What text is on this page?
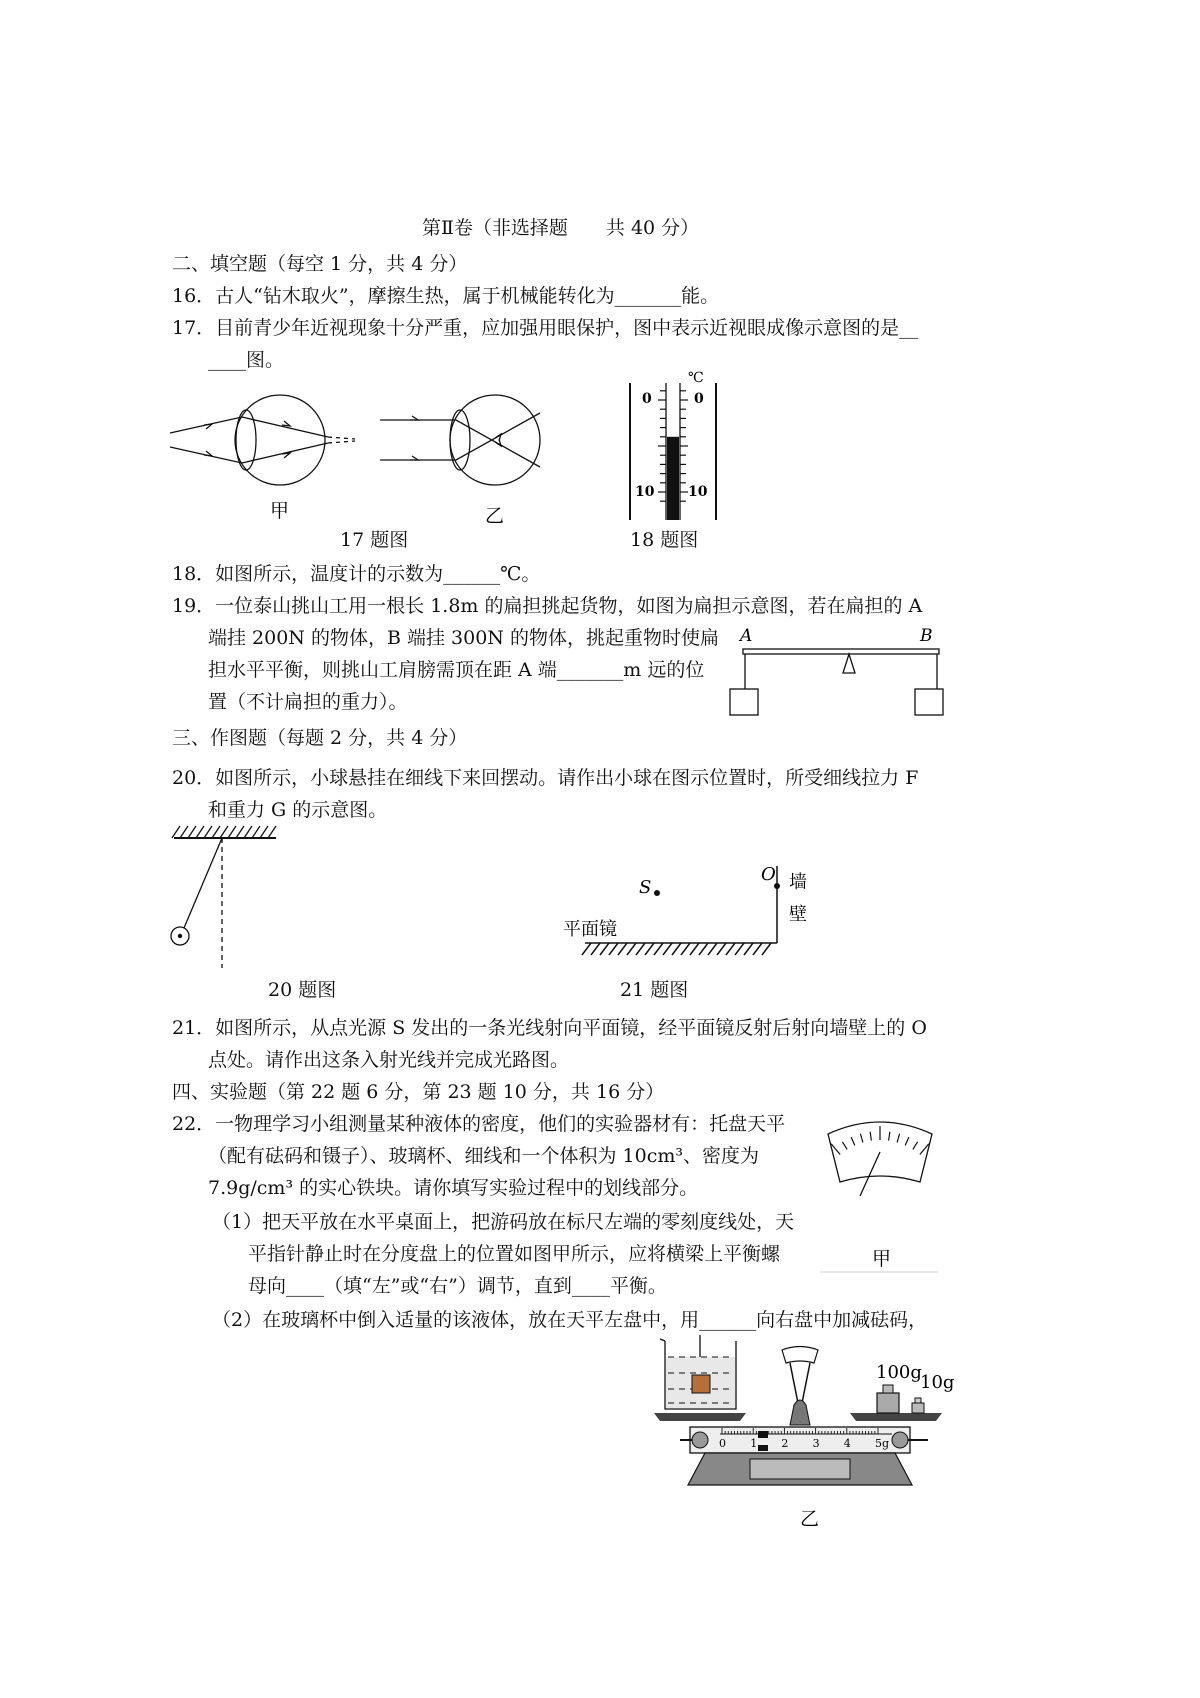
第Ⅱ卷（非选择题　　共 40 分）
二、填空题（每空 1 分，共 4 分）
16．古人“钻木取火”，摩擦生热，属于机械能转化为_______能。
17．目前青少年近视现象十分严重，应加强用眼保护，图中表示近视眼成像示意图的是__
____图。
甲	乙
17 题图
℃
0	0
10 10
18 题图
18．如图所示，温度计的示数为______℃。
19．一位泰山挑山工用一根长 1.8m 的扁担挑起货物，如图为扁担示意图，若在扁担的 A
端挂 200N 的物体，B 端挂 300N 的物体，挑起重物时使扁
担水平平衡，则挑山工肩膀需顶在距 A 端_______m 远的位
置（不计扁担的重力）。
A	B
三、作图题（每题 2 分，共 4 分）
20．如图所示，小球悬挂在细线下来回摆动。请作出小球在图示位置时，所受细线拉力 F
和重力 G 的示意图。
20 题图
S
O 墙
壁
平面镜
21 题图
21．如图所示，从点光源 S 发出的一条光线射向平面镜，经平面镜反射后射向墙壁上的 O
点处。请作出这条入射光线并完成光路图。
四、实验题（第 22 题 6 分，第 23 题 10 分，共 16 分）
22．一物理学习小组测量某种液体的密度，他们的实验器材有：托盘天平
（配有砝码和镊子）、玻璃杯、细线和一个体积为 10cm³、密度为
7.9g/cm³ 的实心铁块。请你填写实验过程中的划线部分。
（1）把天平放在水平桌面上，把游码放在标尺左端的零刻度线处，天
平指针静止时在分度盘上的位置如图甲所示，应将横梁上平衡螺
母向____（填“左”或“右”）调节，直到____平衡。
（2）在玻璃杯中倒入适量的该液体，放在天平左盘中，用______向右盘中加减砝码，
甲
100g
10g
0 1 2 3 4 5g
乙
